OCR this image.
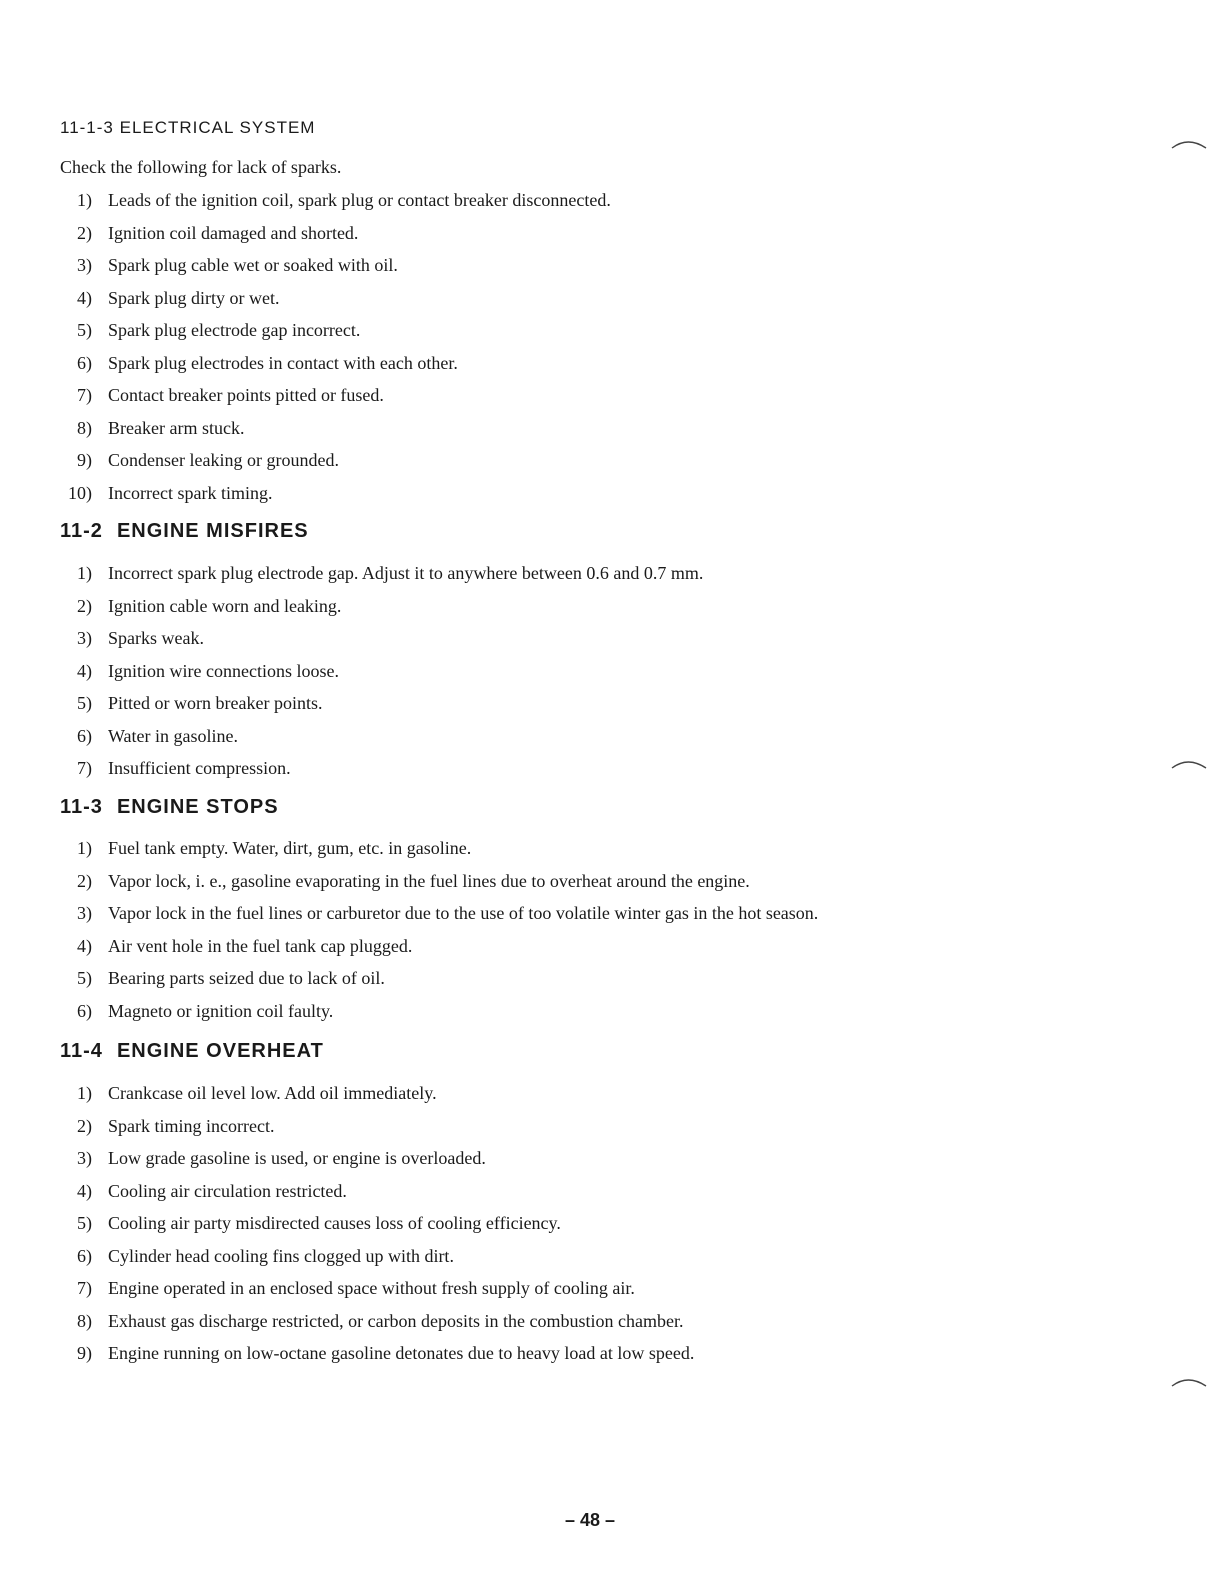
11-1-3 ELECTRICAL SYSTEM

Check the following for lack of sparks.

1) Leads of the ignition coil, spark plug or contact breaker disconnected.
2) Ignition coil damaged and shorted.
3) Spark plug cable wet or soaked with oil.
4) Spark plug dirty or wet.
5) Spark plug electrode gap incorrect.
6) Spark plug electrodes in contact with each other.
7) Contact breaker points pitted or fused.
8) Breaker arm stuck.
9) Condenser leaking or grounded.
10) Incorrect spark timing.
11-2 ENGINE MISFIRES
1) Incorrect spark plug electrode gap. Adjust it to anywhere between 0.6 and 0.7 mm.
2) Ignition cable worn and leaking.
3) Sparks weak.
4) Ignition wire connections loose.
5) Pitted or worn breaker points.
6) Water in gasoline.
7) Insufficient compression.
11-3 ENGINE STOPS
1) Fuel tank empty. Water, dirt, gum, etc. in gasoline.
2) Vapor lock, i. e., gasoline evaporating in the fuel lines due to overheat around the engine.
3) Vapor lock in the fuel lines or carburetor due to the use of too volatile winter gas in the hot season.
4) Air vent hole in the fuel tank cap plugged.
5) Bearing parts seized due to lack of oil.
6) Magneto or ignition coil faulty.
11-4 ENGINE OVERHEAT
1) Crankcase oil level low. Add oil immediately.
2) Spark timing incorrect.
3) Low grade gasoline is used, or engine is overloaded.
4) Cooling air circulation restricted.
5) Cooling air party misdirected causes loss of cooling efficiency.
6) Cylinder head cooling fins clogged up with dirt.
7) Engine operated in an enclosed space without fresh supply of cooling air.
8) Exhaust gas discharge restricted, or carbon deposits in the combustion chamber.
9) Engine running on low-octane gasoline detonates due to heavy load at low speed.

– 48 –
